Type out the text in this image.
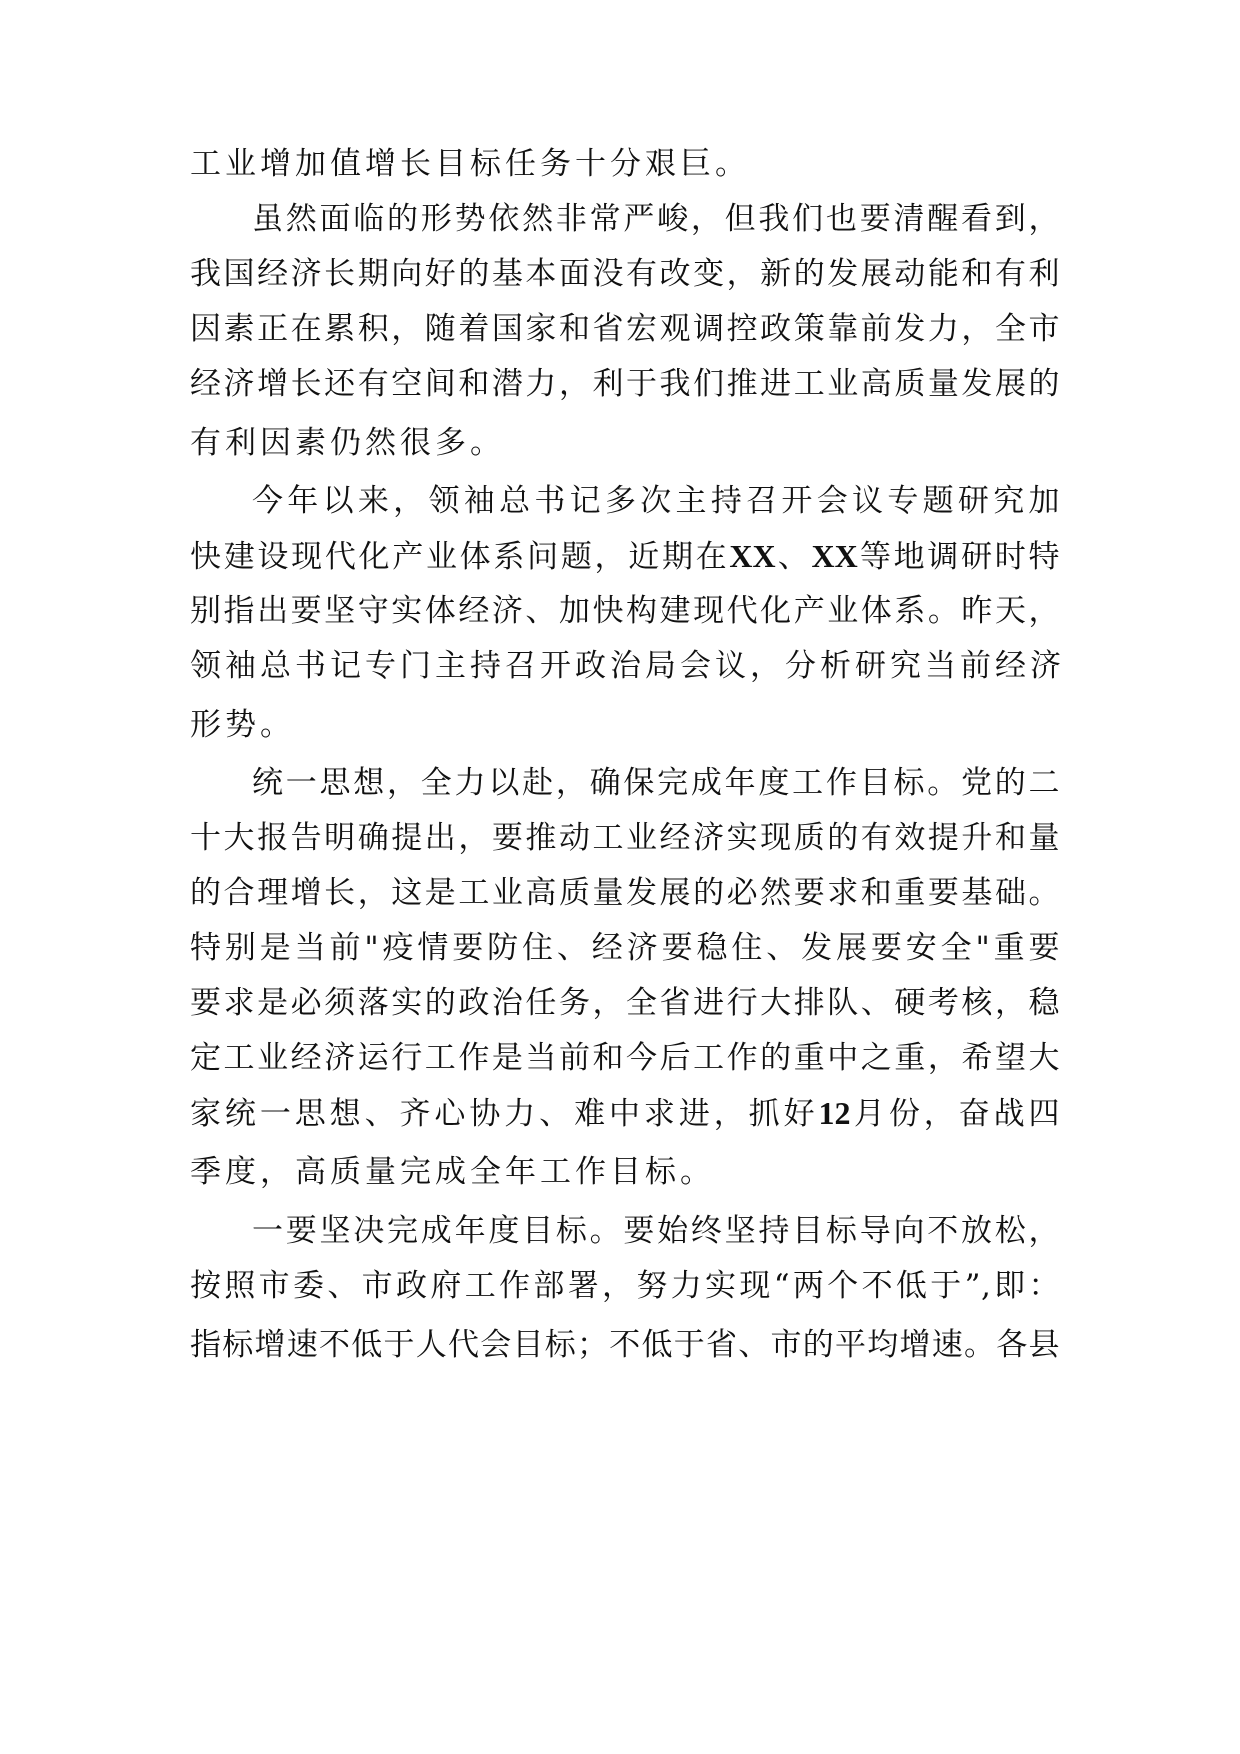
工业增加值增长目标任务十分艰巨。
虽然面临的形势依然非常严峻，但我们也要清醒看到，
我国经济长期向好的基本面没有改变，新的发展动能和有利
因素正在累积，随着国家和省宏观调控政策靠前发力，全市
经济增长还有空间和潜力，利于我们推进工业高质量发展的
有利因素仍然很多。
今年以来，领袖总书记多次主持召开会议专题研究加
快建设现代化产业体系问题，近期在XX、XX等地调研时特
别指出要坚守实体经济、加快构建现代化产业体系。昨天，
领袖总书记专门主持召开政治局会议，分析研究当前经济
形势。
统一思想，全力以赴，确保完成年度工作目标。党的二
十大报告明确提出，要推动工业经济实现质的有效提升和量
的合理增长，这是工业高质量发展的必然要求和重要基础。
特别是当前"疫情要防住、经济要稳住、发展要安全"重要
要求是必须落实的政治任务，全省进行大排队、硬考核，稳
定工业经济运行工作是当前和今后工作的重中之重，希望大
家统一思想、齐心协力、难中求进，抓好12月份，奋战四
季度，高质量完成全年工作目标。
一要坚决完成年度目标。要始终坚持目标导向不放松，
按照市委、市政府工作部署，努力实现“两个不低于”,即：
指标增速不低于人代会目标；不低于省、市的平均增速。各县
